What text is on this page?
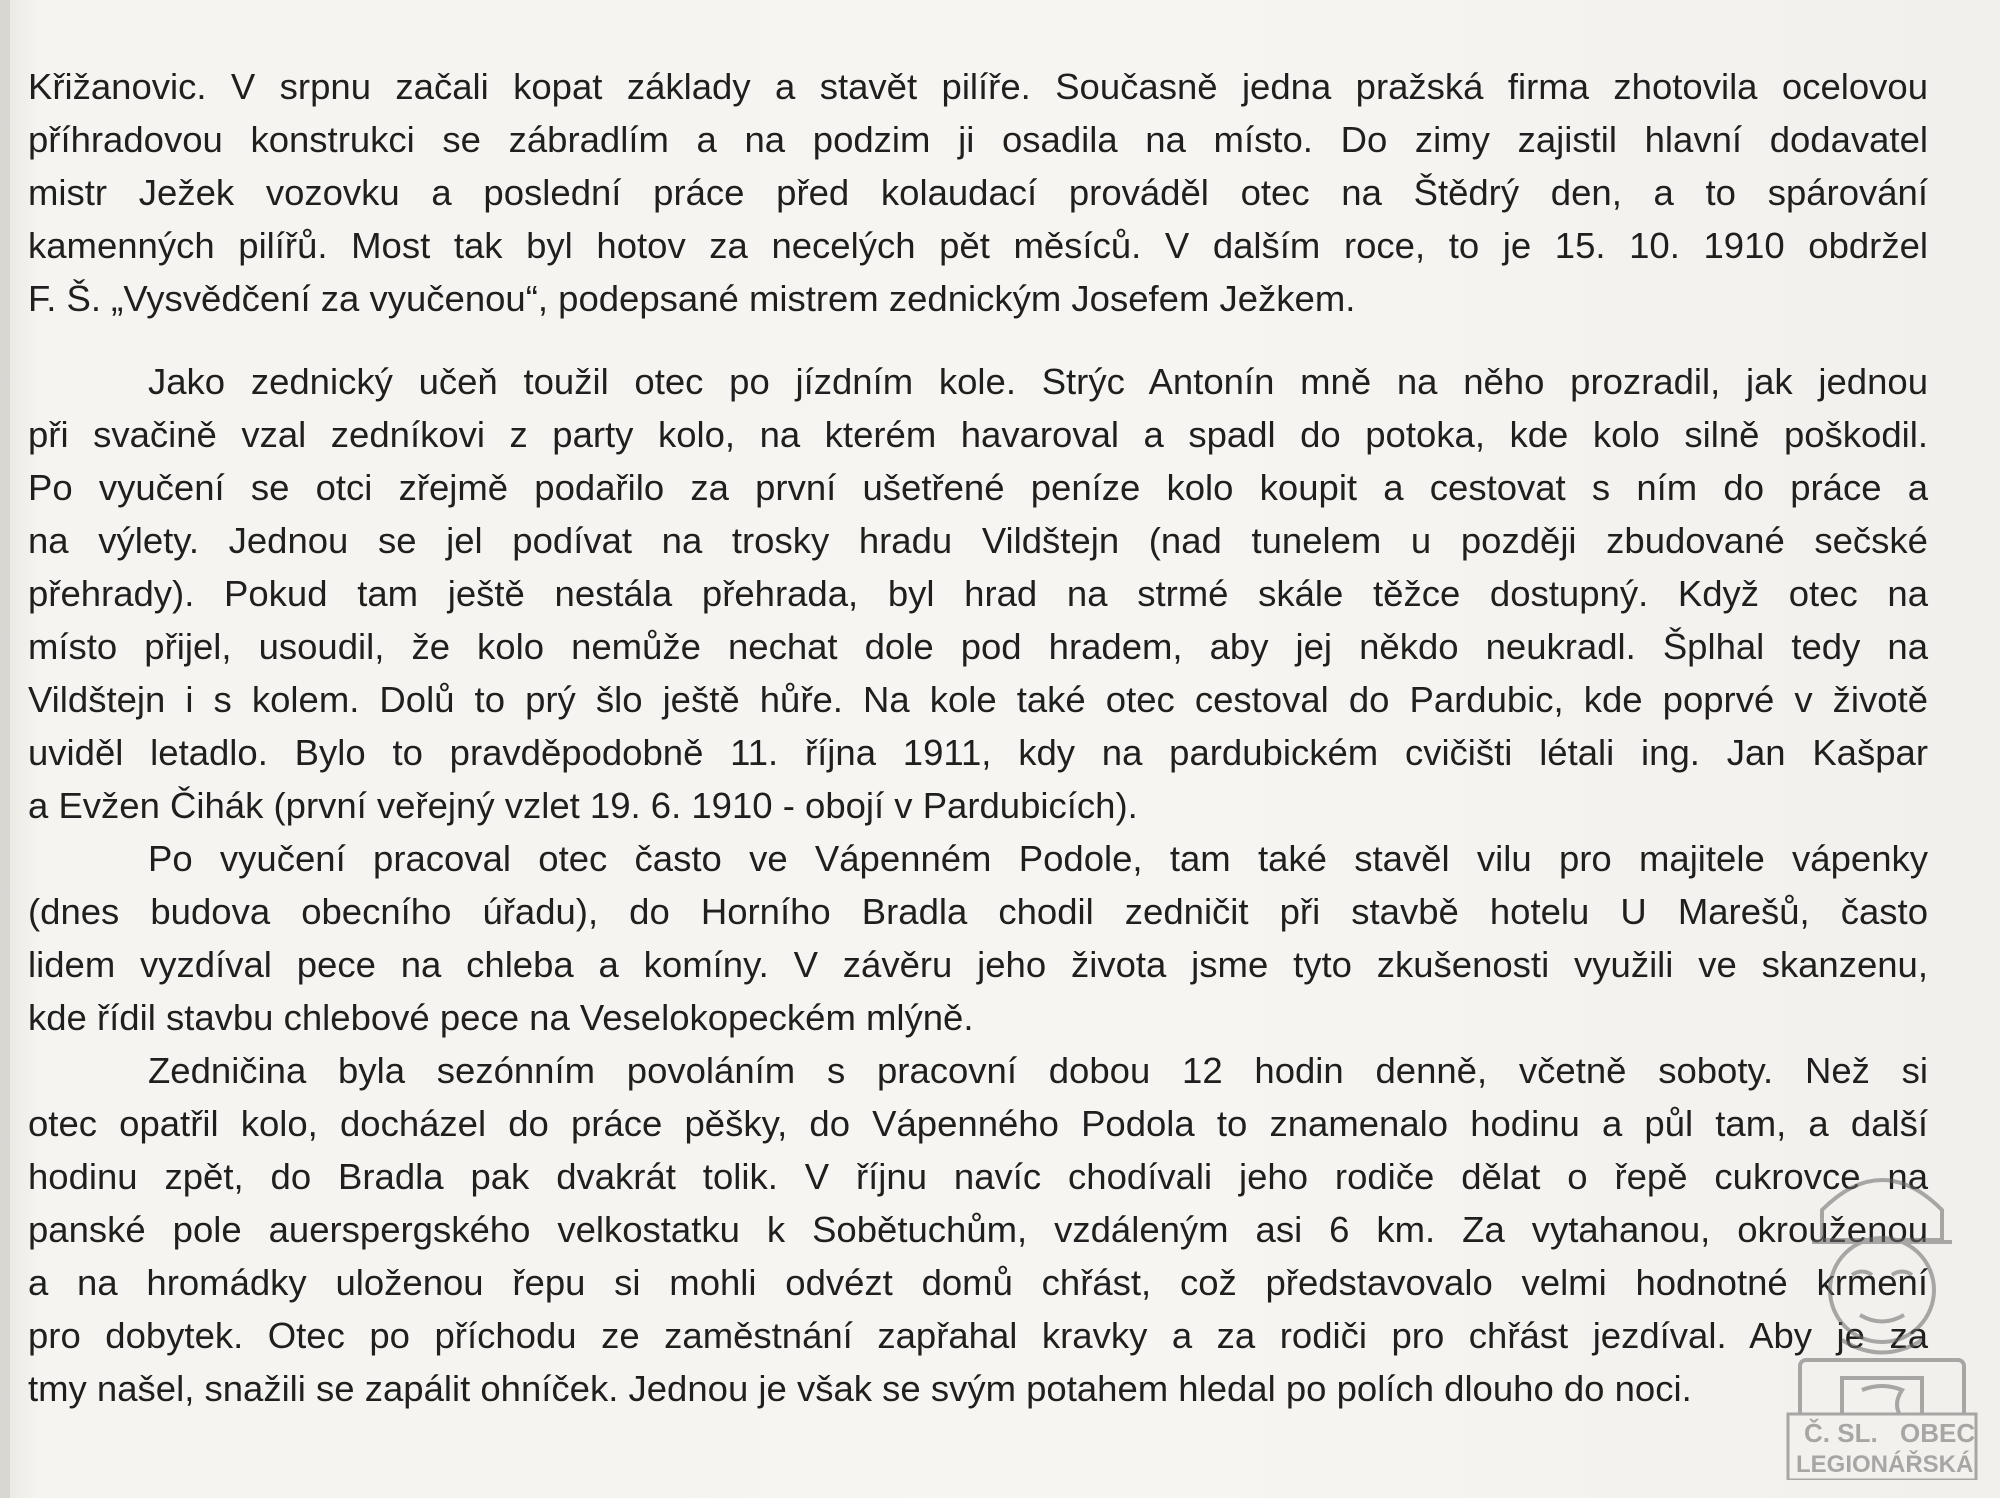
Křižanovic. V srpnu začali kopat základy a stavět pilíře. Současně jedna pražská firma zhotovila ocelovou
příhradovou konstrukci se zábradlím a na podzim ji osadila na místo. Do zimy zajistil hlavní dodavatel
mistr Ježek vozovku a poslední práce před kolaudací prováděl otec na Štědrý den, a to spárování
kamenných pilířů. Most tak byl hotov za necelých pět měsíců. V dalším roce, to je 15. 10. 1910 obdržel
F. Š. „Vysvědčení za vyučenou“, podepsané mistrem zednickým Josefem Ježkem.
Jako zednický učeň toužil otec po jízdním kole. Strýc Antonín mně na něho prozradil, jak jednou
při svačině vzal zedníkovi z party kolo, na kterém havaroval a spadl do potoka, kde kolo silně poškodil.
Po vyučení se otci zřejmě podařilo za první ušetřené peníze kolo koupit a cestovat s ním do práce a
na výlety. Jednou se jel podívat na trosky hradu Vildštejn (nad tunelem u později zbudované sečské
přehrady). Pokud tam ještě nestála přehrada, byl hrad na strmé skále těžce dostupný. Když otec na
místo přijel, usoudil, že kolo nemůže nechat dole pod hradem, aby jej někdo neukradl. Šplhal tedy na
Vildštejn i s kolem. Dolů to prý šlo ještě hůře. Na kole také otec cestoval do Pardubic, kde poprvé v životě
uviděl letadlo. Bylo to pravděpodobně 11. října 1911, kdy na pardubickém cvičišti létali ing. Jan Kašpar
a Evžen Čihák (první veřejný vzlet 19. 6. 1910 - obojí v Pardubicích).
Po vyučení pracoval otec často ve Vápenném Podole, tam také stavěl vilu pro majitele vápenky
(dnes budova obecního úřadu), do Horního Bradla chodil zedničit při stavbě hotelu U Marešů, často
lidem vyzdíval pece na chleba a komíny. V závěru jeho života jsme tyto zkušenosti využili ve skanzenu,
kde řídil stavbu chlebové pece na Veselokopeckém mlýně.
Zedničina byla sezónním povoláním s pracovní dobou 12 hodin denně, včetně soboty. Než si
otec opatřil kolo, docházel do práce pěšky, do Vápenného Podola to znamenalo hodinu a půl tam, a další
hodinu zpět, do Bradla pak dvakrát tolik. V říjnu navíc chodívali jeho rodiče dělat o řepě cukrovce na
panské pole auerspergského velkostatku k Sobětuchům, vzdáleným asi 6 km. Za vytahanou, okrouženou
a na hromádky uloženou řepu si mohli odvézt domů chřást, což představovalo velmi hodnotné krmení
pro dobytek. Otec po příchodu ze zaměstnání zapřahal kravky a za rodiči pro chřást jezdíval. Aby je za
tmy našel, snažili se zapálit ohníček. Jednou je však se svým potahem hledal po polích dlouho do noci.
Č. SL. OBEC
LEGIONÁŘSKÁ
